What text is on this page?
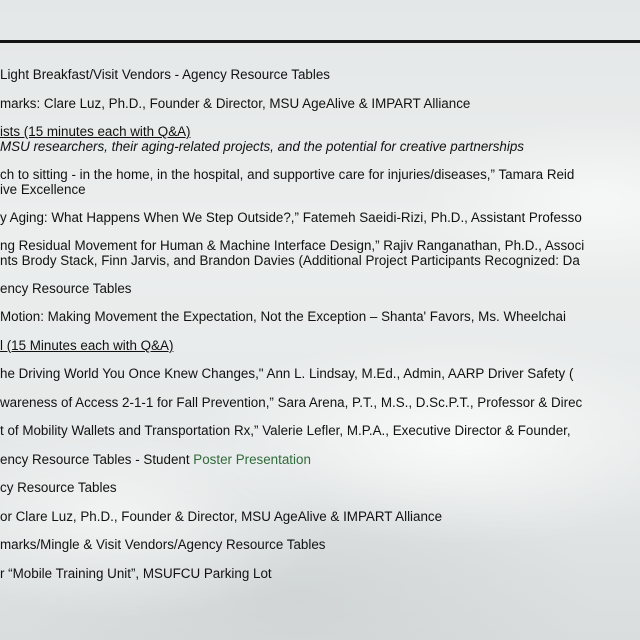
Light Breakfast/Visit Vendors - Agency Resource Tables
marks: Clare Luz, Ph.D., Founder & Director, MSU AgeAlive & IMPART Alliance
ists (15 minutes each with Q&A)
MSU researchers, their aging-related projects, and the potential for creative partnerships
ch to sitting - in the home, in the hospital, and supportive care for injuries/diseases,” Tamara Reid
ive Excellence
y Aging: What Happens When We Step Outside?,” Fatemeh Saeidi-Rizi, Ph.D., Assistant Professo
ng Residual Movement for Human & Machine Interface Design,” Rajiv Ranganathan, Ph.D., Associ
nts Brody Stack, Finn Jarvis, and Brandon Davies (Additional Project Participants Recognized: Da
ency Resource Tables
Motion: Making Movement the Expectation, Not the Exception – Shanta' Favors, Ms. Wheelchai
l (15 Minutes each with Q&A)
he Driving World You Once Knew Changes," Ann L. Lindsay, M.Ed., Admin, AARP Driver Safety (
wareness of Access 2-1-1 for Fall Prevention,” Sara Arena, P.T., M.S., D.Sc.P.T., Professor & Direc
t of Mobility Wallets and Transportation Rx,” Valerie Lefler, M.P.A., Executive Director & Founder,
ency Resource Tables - Student Poster Presentation
cy Resource Tables
or Clare Luz, Ph.D., Founder & Director, MSU AgeAlive & IMPART Alliance
marks/Mingle & Visit Vendors/Agency Resource Tables
r “Mobile Training Unit”, MSUFCU Parking Lot
